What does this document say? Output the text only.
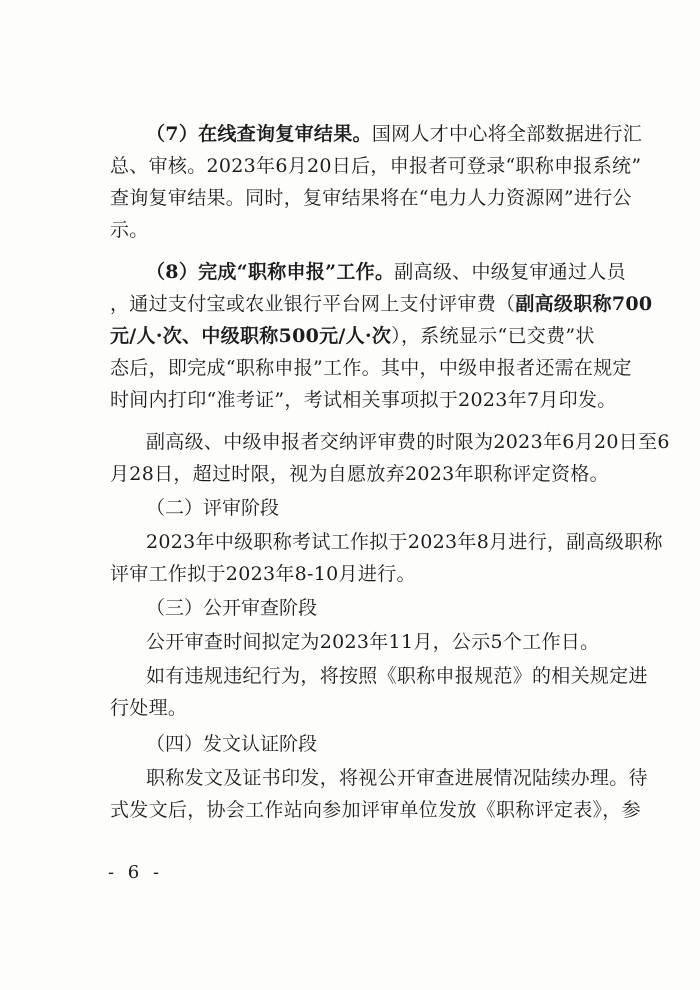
（7）在线查询复审结果。国网人才中心将全部数据进行汇
总、审核。2023年6月20日后，申报者可登录“职称申报系统”
查询复审结果。同时，复审结果将在“电力人力资源网”进行公
示。

（8）完成“职称申报”工作。副高级、中级复审通过人员
，通过支付宝或农业银行平台网上支付评审费（副高级职称700
元/人·次、中级职称500元/人·次），系统显示“已交费”状
态后，即完成“职称申报”工作。其中，中级申报者还需在规定
时间内打印“准考证”，考试相关事项拟于2023年7月印发。

副高级、中级申报者交纳评审费的时限为2023年6月20日至6
月28日，超过时限，视为自愿放弃2023年职称评定资格。

（二）评审阶段

2023年中级职称考试工作拟于2023年8月进行，副高级职称
评审工作拟于2023年8-10月进行。

（三）公开审查阶段

公开审查时间拟定为2023年11月，公示5个工作日。

如有违规违纪行为，将按照《职称申报规范》的相关规定进
行处理。

（四）发文认证阶段

职称发文及证书印发，将视公开审查进展情况陆续办理。待
式发文后，协会工作站向参加评审单位发放《职称评定表》，参

- 6 -
